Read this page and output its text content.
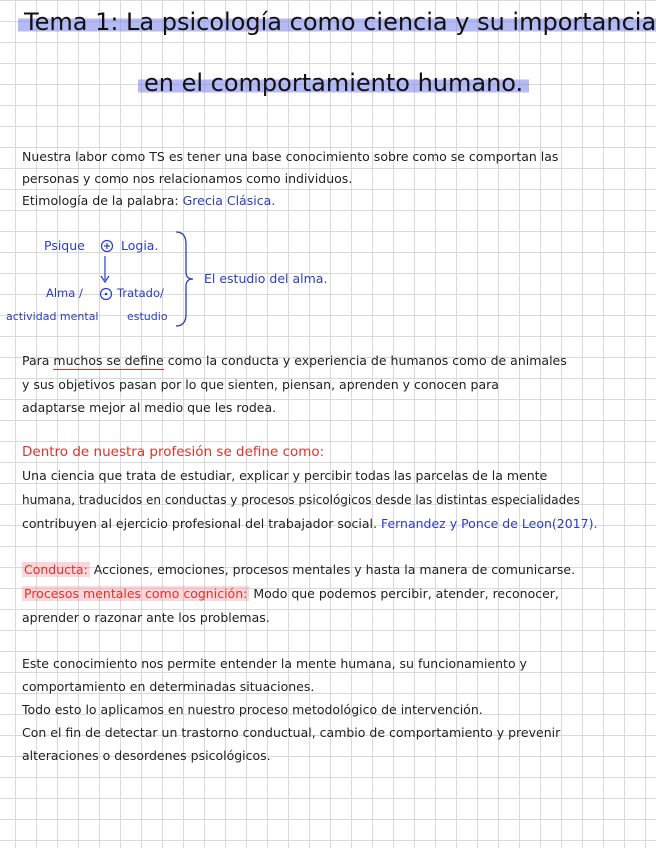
Tema 1: La psicología como ciencia y su importancia
en el comportamiento humano.
Nuestra labor como TS es tener una base conocimiento sobre como se comportan las
personas y como nos relacionamos como individuos.
Etimología de la palabra: Grecia Clásica.
Psique	Logia.
Alma /
actividad mental
Tratado/
estudio
El estudio del alma.
Para muchos se define como la conducta y experiencia de humanos como de animales
y sus objetivos pasan por lo que sienten, piensan, aprenden y conocen para
adaptarse mejor al medio que les rodea.
Dentro de nuestra profesión se define como:
Una ciencia que trata de estudiar, explicar y percibir todas las parcelas de la mente
humana, traducidos en conductas y procesos psicológicos desde las distintas especialidades
contribuyen al ejercicio profesional del trabajador social. Fernandez y Ponce de Leon(2017).
Conducta: Acciones, emociones, procesos mentales y hasta la manera de comunicarse.
Procesos mentales como cognición: Modo que podemos percibir, atender, reconocer,
aprender o razonar ante los problemas.
Este conocimiento nos permite entender la mente humana, su funcionamiento y
comportamiento en determinadas situaciones.
Todo esto lo aplicamos en nuestro proceso metodológico de intervención.
Con el fin de detectar un trastorno conductual, cambio de comportamiento y prevenir
alteraciones o desordenes psicológicos.
